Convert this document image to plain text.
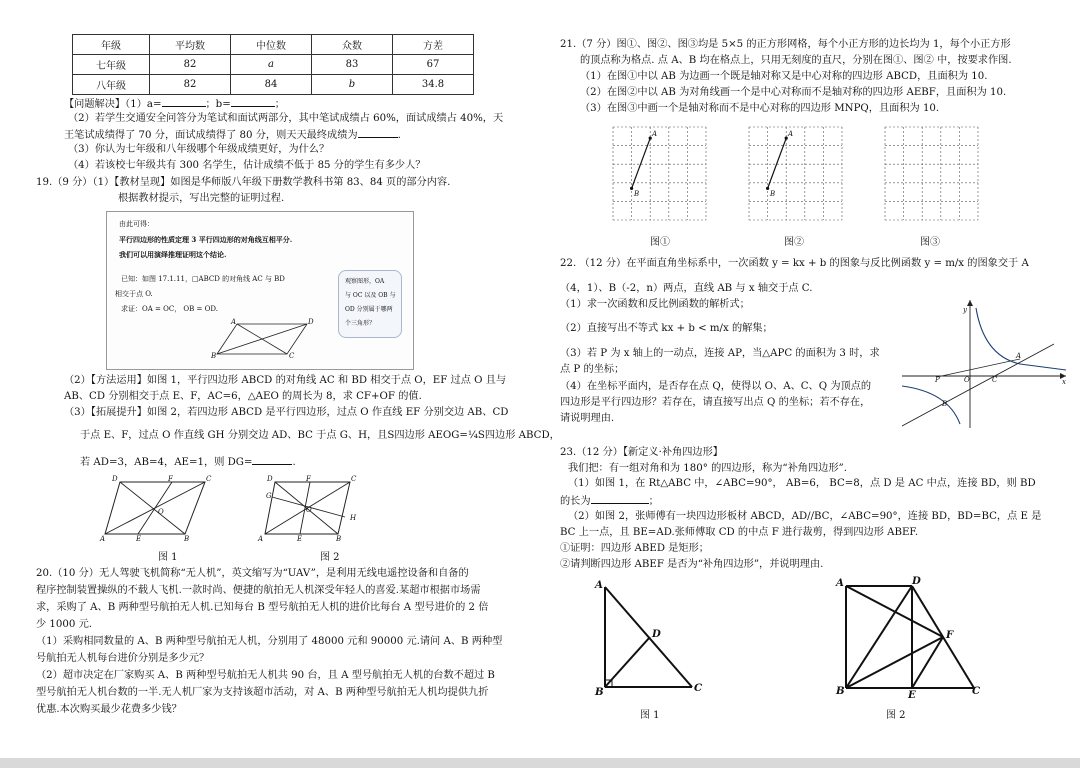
年级	平均数	中位数	众数	方差
七年级	82	a	83	67
八年级	82	84	b	34.8
【问题解决】（1）a=	；b=	；
（2）若学生交通安全问答分为笔试和面试两部分，其中笔试成绩占 60%，面试成绩占 40%，天
王笔试成绩得了 70 分，面试成绩得了 80 分，则天天最终成绩为	.
（3）你认为七年级和八年级哪个年级成绩更好，为什么？
（4）若该校七年级共有 300 名学生，估计成绩不低于 85 分的学生有多少人？
19.（9 分）（1）【教材呈现】如图是华师版八年级下册数学教科书第 83、84 页的部分内容.
根据教材提示，写出完整的证明过程.
由此可得：
平行四边形的性质定理 3 平行四边形的对角线互相平分.
我们可以用演绎推理证明这个结论.
已知：如图 17.1.11，□ABCD 的对角线 AC 与 BD
相交于点 O.
求证：OA = OC， OB = OD.
A	D
B	C
观察图形，OA
与 OC 以及 OB 与
OD 分别属于哪两
个三角形？
（2）【方法运用】如图 1，平行四边形 ABCD 的对角线 AC 和 BD 相交于点 O，EF 过点 O 且与
AB、CD 分别相交于点 E、F，AC=6，△AEO 的周长为 8，求 CF+OF 的值.
（3）【拓展提升】如图 2，若四边形 ABCD 是平行四边形，过点 O 作直线 EF 分别交边 AB、CD
于点 E、F，过点 O 作直线 GH 分别交边 AD、BC 于点 G、H，且S四边形 AEOG=¼S四边形 ABCD，
若 AD=3，AB=4，AE=1，则 DG=	.
D	F	C
O
A	E	B
图 1
D	F	C
G
H
O
A	E	B
图 2
20.（10 分）无人驾驶飞机简称“无人机”，英文缩写为“UAV”，是利用无线电遥控设备和自备的
程序控制装置操纵的不载人飞机.一款时尚、便捷的航拍无人机深受年轻人的喜爱.某超市根据市场需
求，采购了 A、B 两种型号航拍无人机.已知每台 B 型号航拍无人机的进价比每台 A 型号进价的 2 倍
少 1000 元.
（1）采购相同数量的 A、B 两种型号航拍无人机，分别用了 48000 元和 90000 元.请问 A、B 两种型
号航拍无人机每台进价分别是多少元？
（2）超市决定在厂家购买 A、B 两种型号航拍无人机共 90 台，且 A 型号航拍无人机的台数不超过 B
型号航拍无人机台数的一半.无人机厂家为支持该超市活动，对 A、B 两种型号航拍无人机均提供九折
优惠.本次购买最少花费多少钱？
21.（7 分）图①、图②、图③均是 5×5 的正方形网格，每个小正方形的边长均为 1，每个小正方形
的顶点称为格点. 点 A、B 均在格点上，只用无刻度的直尺，分别在图①、图② 中，按要求作图.
（1）在图①中以 AB 为边画一个既是轴对称又是中心对称的四边形 ABCD，且面积为 10.
（2）在图②中以 AB 为对角线画一个是中心对称而不是轴对称的四边形 AEBF，且面积为 10.
（3）在图③中画一个是轴对称而不是中心对称的四边形 MNPQ，且面积为 10.
A
B
A
B
图①	图②	图③
22. （12 分）在平面直角坐标系中，一次函数 y = kx + b 的图象与反比例函数 y = m/x 的图象交于 A
（4，1）、B（-2，n）两点，直线 AB 与 x 轴交于点 C.
（1）求一次函数和反比例函数的解析式；
（2）直接写出不等式 kx + b < m/x 的解集；
（3）若 P 为 x 轴上的一动点，连接 AP，当△APC 的面积为 3 时，求
点 P 的坐标；
（4）在坐标平面内，是否存在点 Q，使得以 O、A、C、Q 为顶点的
四边形是平行四边形？若存在，请直接写出点 Q 的坐标；若不存在，
请说明理由.
y
x
P	O	C
A
B
23.（12 分）【新定义·补角四边形】
我们把：有一组对角和为 180° 的四边形，称为“补角四边形”.
（1）如图 1，在 Rt△ABC 中，∠ABC=90°， AB=6， BC=8，点 D 是 AC 中点，连接 BD，则 BD
的长为	；
（2）如图 2，张师傅有一块四边形板材 ABCD，AD//BC，∠ABC=90°，连接 BD，BD=BC，点 E 是
BC 上一点，且 BE=AD.张师傅取 CD 的中点 F 进行裁剪，得到四边形 ABEF.
①证明：四边形 ABED 是矩形；
②请判断四边形 ABEF 是否为“补角四边形”，并说明理由.
A
D
B	C
图 1
A	D
F
B	E	C
图 2
